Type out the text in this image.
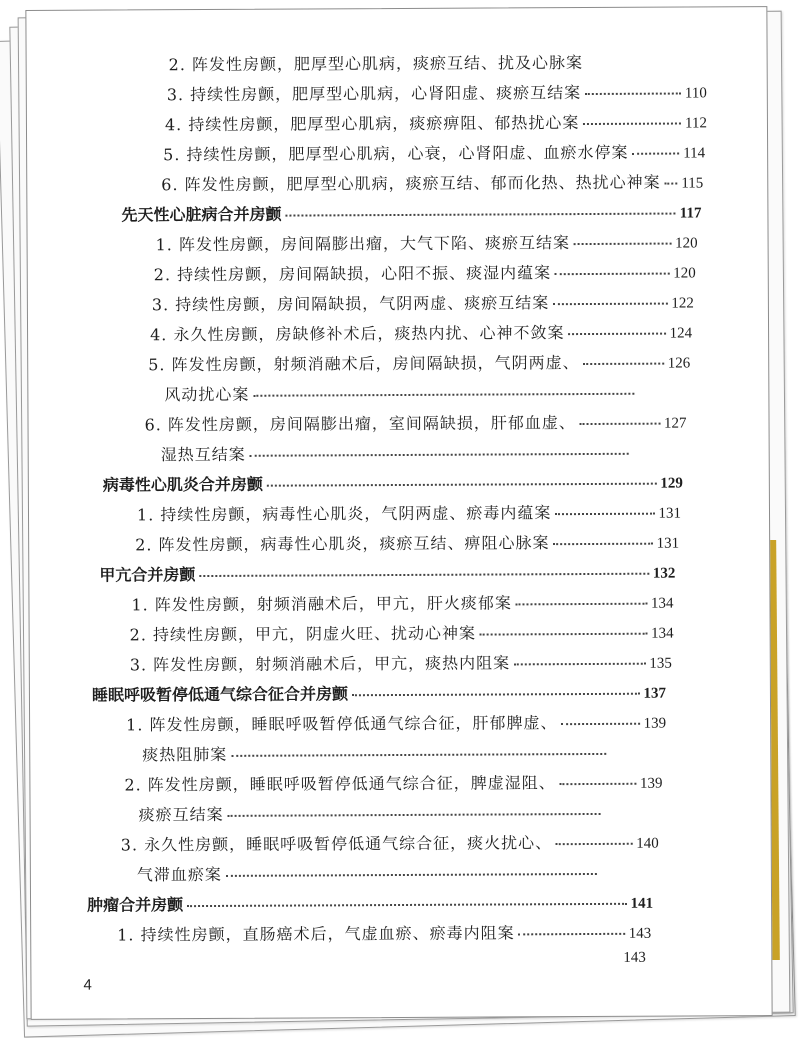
2. 阵发性房颤，肥厚型心肌病，痰瘀互结、扰及心脉案
3. 持续性房颤，肥厚型心肌病，心肾阳虚、痰瘀互结案	110
4. 持续性房颤，肥厚型心肌病，痰瘀痹阻、郁热扰心案	112
5. 持续性房颤，肥厚型心肌病，心衰，心肾阳虚、血瘀水停案	114
6. 阵发性房颤，肥厚型心肌病，痰瘀互结、郁而化热、热扰心神案 115
先天性心脏病合并房颤	117
1. 阵发性房颤，房间隔膨出瘤，大气下陷、痰瘀互结案	120
2. 持续性房颤，房间隔缺损，心阳不振、痰湿内蕴案	120
3. 持续性房颤，房间隔缺损，气阴两虚、痰瘀互结案	122
4. 永久性房颤，房缺修补术后，痰热内扰、心神不敛案	124
5. 阵发性房颤，射频消融术后，房间隔缺损，气阴两虚、	126
风动扰心案
6. 阵发性房颤，房间隔膨出瘤，室间隔缺损，肝郁血虚、	127
湿热互结案
病毒性心肌炎合并房颤	129
1. 持续性房颤，病毒性心肌炎，气阴两虚、瘀毒内蕴案	131
2. 阵发性房颤，病毒性心肌炎，痰瘀互结、痹阻心脉案	131
甲亢合并房颤	132
1. 阵发性房颤，射频消融术后，甲亢，肝火痰郁案	134
2. 持续性房颤，甲亢，阴虚火旺、扰动心神案	134
3. 阵发性房颤，射频消融术后，甲亢，痰热内阻案	135
睡眠呼吸暂停低通气综合征合并房颤	137
1. 阵发性房颤，睡眠呼吸暂停低通气综合征，肝郁脾虚、	139
痰热阻肺案
2. 阵发性房颤，睡眠呼吸暂停低通气综合征，脾虚湿阻、	139
痰瘀互结案
3. 永久性房颤，睡眠呼吸暂停低通气综合征，痰火扰心、	140
气滞血瘀案
肿瘤合并房颤	141
1. 持续性房颤，直肠癌术后，气虚血瘀、瘀毒内阻案	143
143
4
